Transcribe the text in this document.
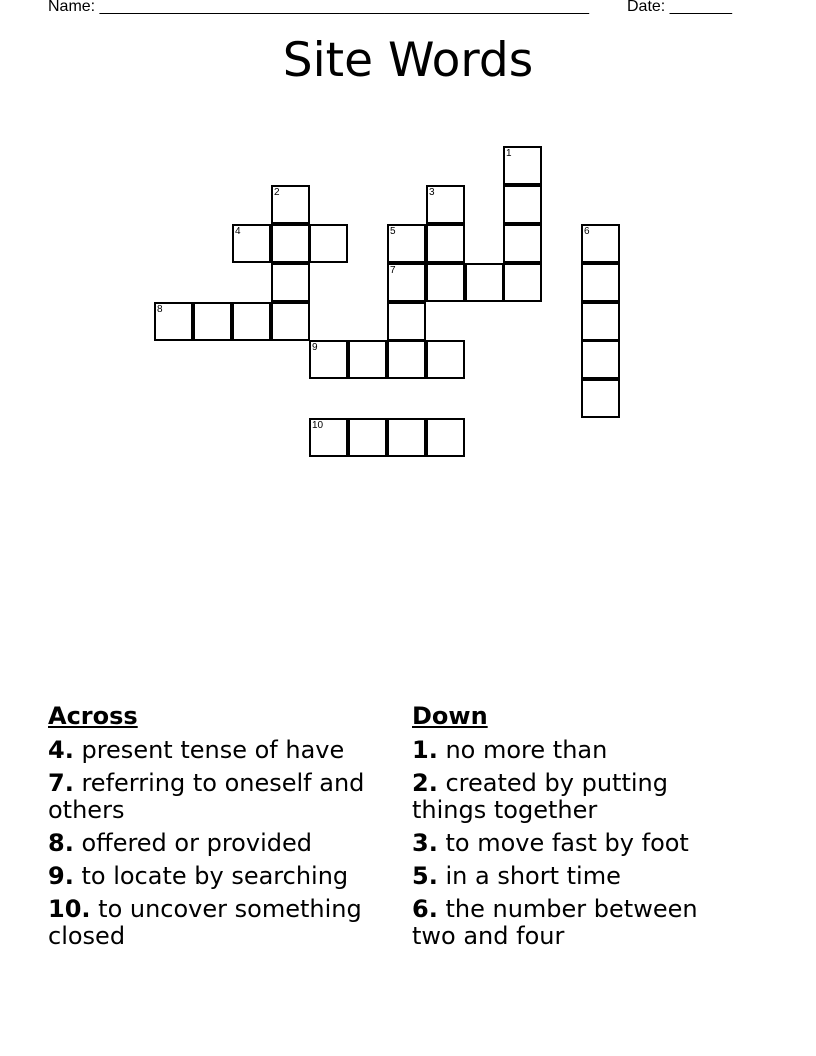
Name: _______________________________________________________ Date: _______
Site Words
1
2	3
4	5
7
6
8
9
10
Across
4. present tense of have
7. referring to oneself and others
8. offered or provided
9. to locate by searching
10. to uncover something closed
Down
1. no more than
2. created by putting things together
3. to move fast by foot
5. in a short time
6. the number between two and four
